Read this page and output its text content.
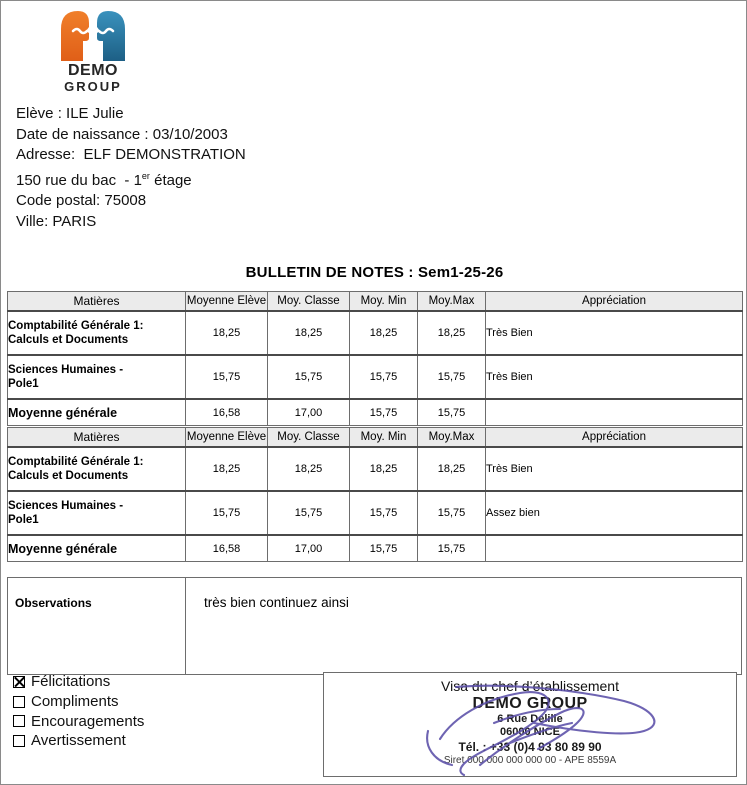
DEMO
GROUP
Elève : ILE Julie
Date de naissance : 03/10/2003
Adresse:  ELF DEMONSTRATION
150 rue du bac  - 1er étage
Code postal: 75008
Ville: PARIS
BULLETIN DE NOTES : Sem1-25-26
Matières	Moyenne Elève	Moy. Classe	Moy. Min	Moy.Max	Appréciation
Comptabilité Générale 1:
Calculs et Documents	18,25	18,25	18,25	18,25	Très Bien
Sciences Humaines -
Pole1	15,75	15,75	15,75	15,75	Très Bien
Moyenne générale	16,58	17,00	15,75	15,75	
Matières	Moyenne Elève	Moy. Classe	Moy. Min	Moy.Max	Appréciation
Comptabilité Générale 1:
Calculs et Documents	18,25	18,25	18,25	18,25	Très Bien
Sciences Humaines -
Pole1	15,75	15,75	15,75	15,75	Assez bien
Moyenne générale	16,58	17,00	15,75	15,75	
Observations	très bien continuez ainsi
Félicitations
Compliments
Encouragements
Avertissement
Visa du chef d’établissement
DEMO GROUP
6 Rue Delille
06000 NICE
Tél. : +33 (0)4 93 80 89 90
Siret 000 000 000 000 00 - APE 8559A
